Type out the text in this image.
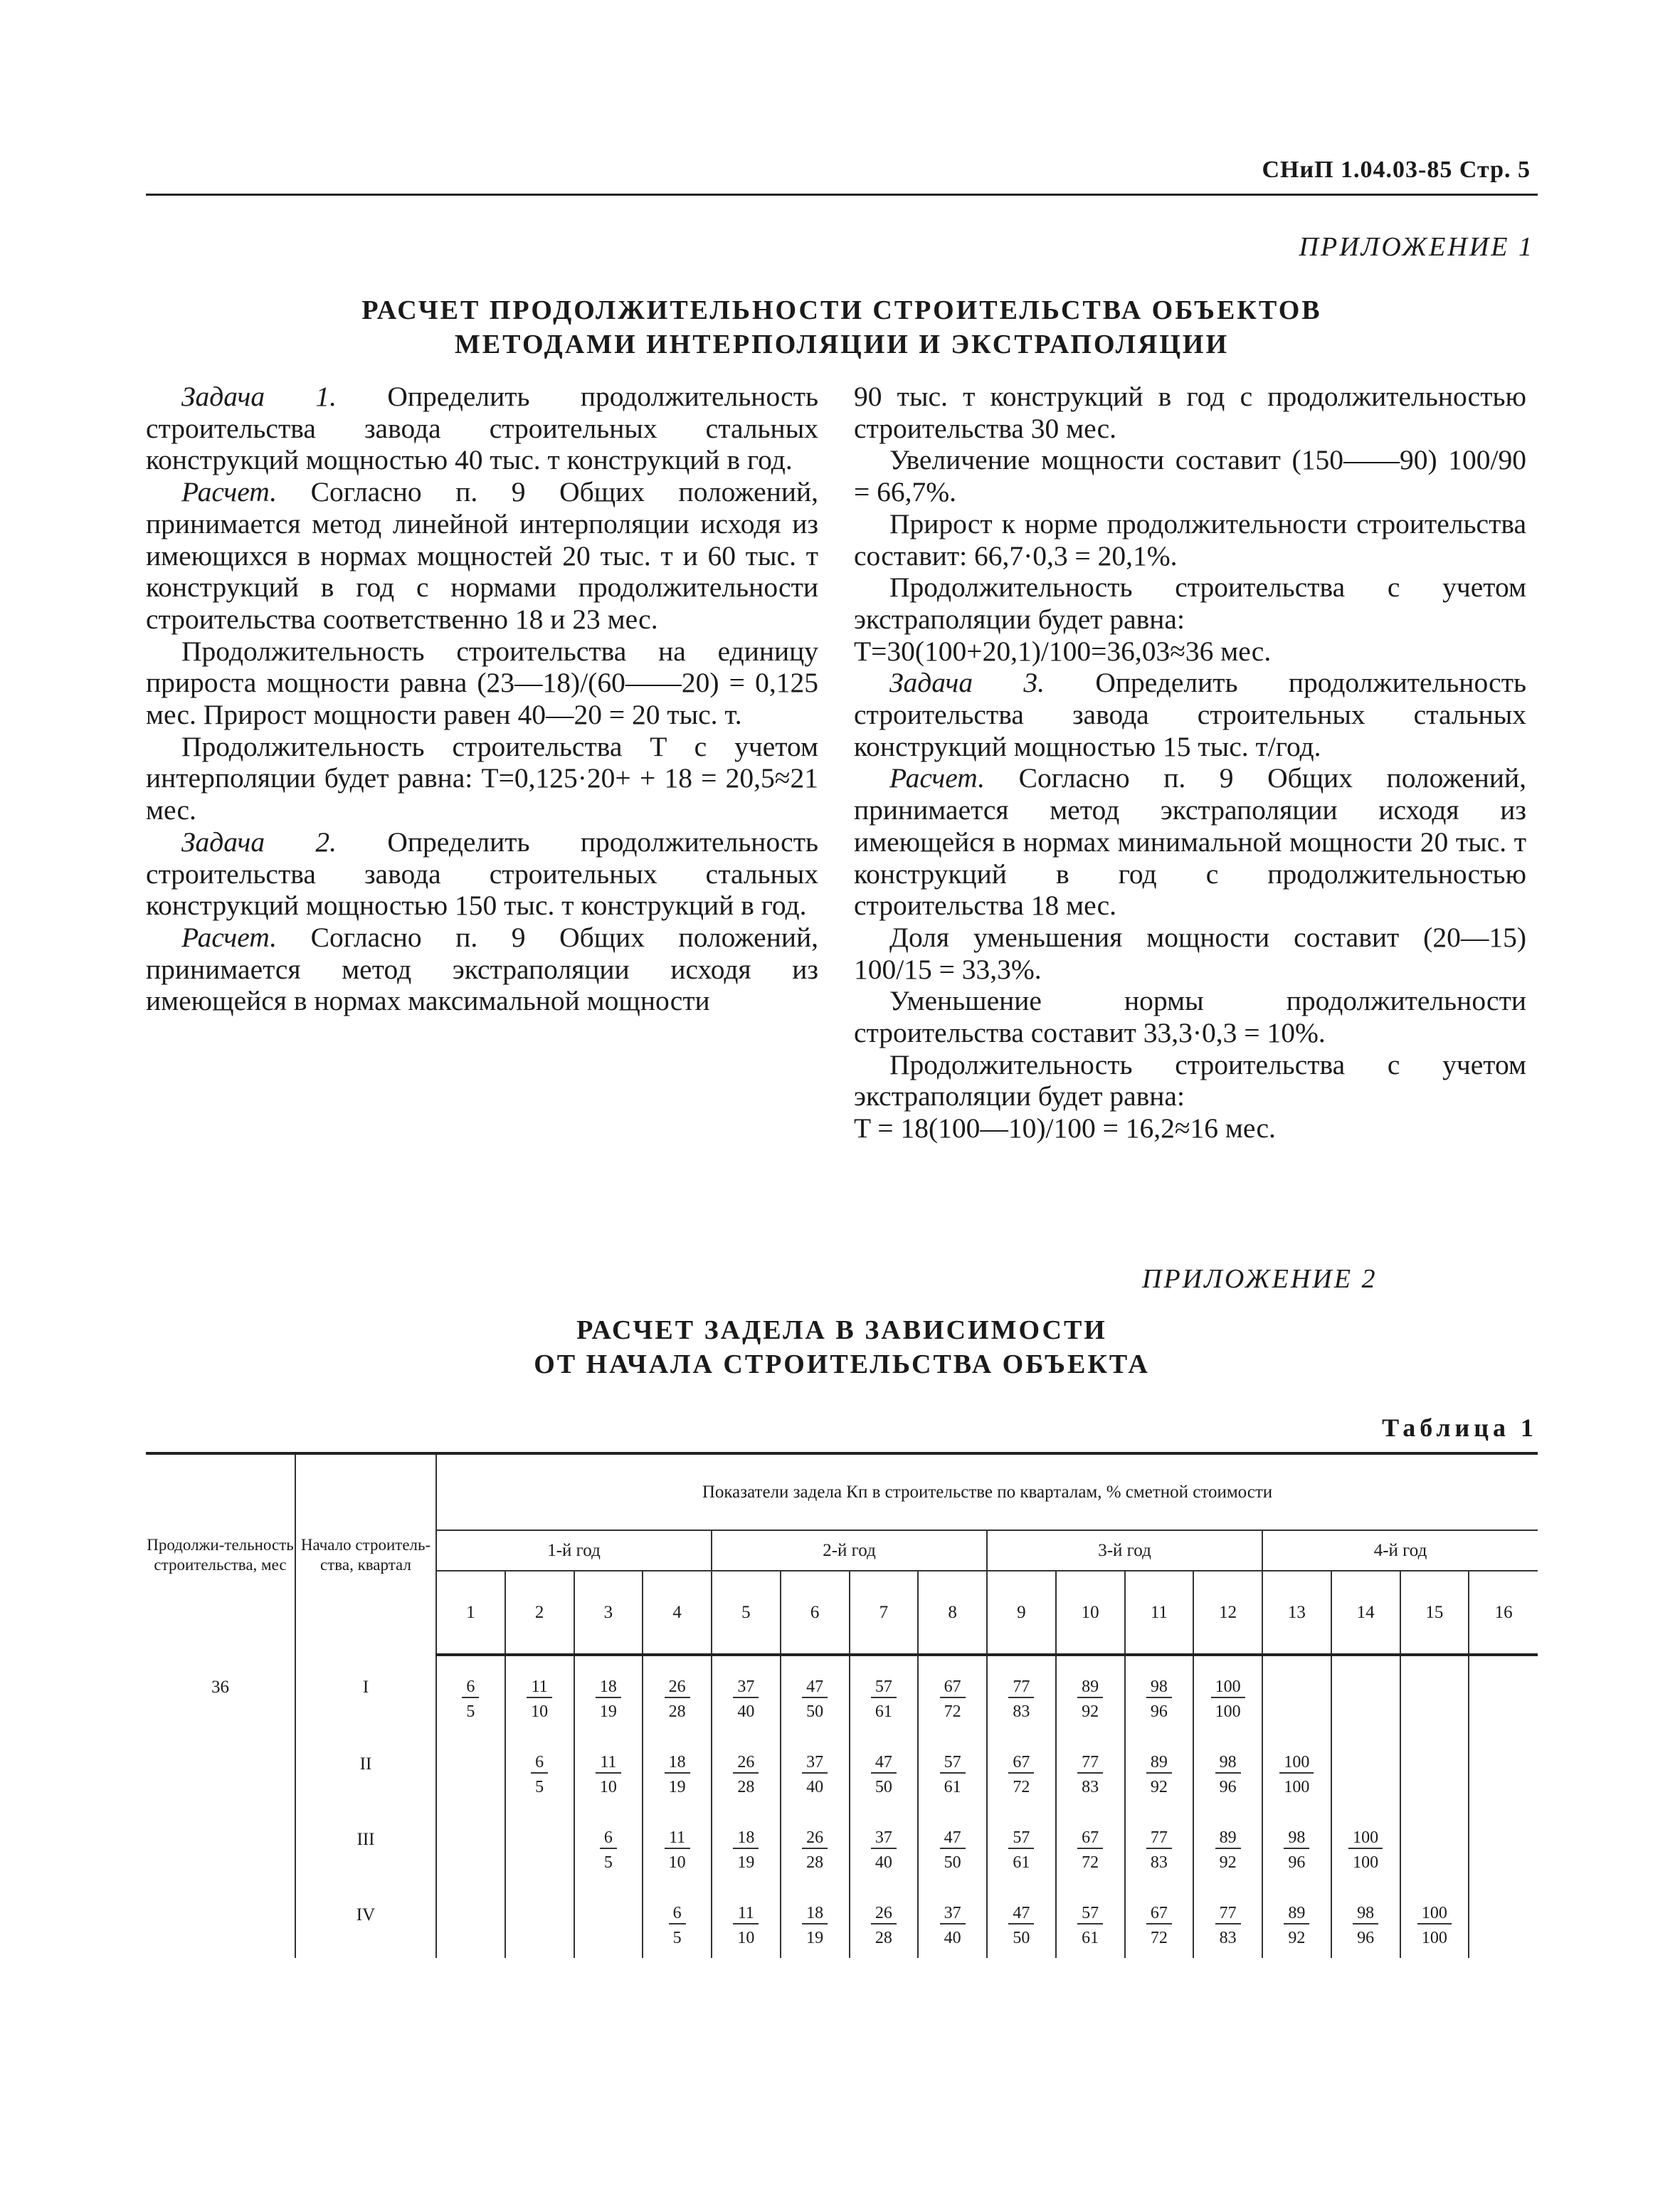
СНиП 1.04.03-85 Стр. 5
ПРИЛОЖЕНИЕ 1
РАСЧЕТ ПРОДОЛЖИТЕЛЬНОСТИ СТРОИТЕЛЬСТВА ОБЪЕКТОВ
МЕТОДАМИ ИНТЕРПОЛЯЦИИ И ЭКСТРАПОЛЯЦИИ

Задача 1. Определить продолжительность строительства завода строительных стальных конструкций мощностью 40 тыс. т конструкций в год.

Расчет. Согласно п. 9 Общих положений, принимается метод линейной интерполяции исходя из имеющихся в нормах мощностей 20 тыс. т и 60 тыс. т конструкций в год с нормами продолжительности строительства соответственно 18 и 23 мес.

Продолжительность строительства на единицу прироста мощности равна (23—18)/(60——20) = 0,125 мес. Прирост мощности равен 40—20 = 20 тыс. т.

Продолжительность строительства T с учетом интерполяции будет равна: T=0,125·20+ + 18 = 20,5≈21 мес.

Задача 2. Определить продолжительность строительства завода строительных стальных конструкций мощностью 150 тыс. т конструкций в год.

Расчет. Согласно п. 9 Общих положений, принимается метод экстраполяции исходя из имеющейся в нормах максимальной мощности

90 тыс. т конструкций в год с продолжительностью строительства 30 мес.

Увеличение мощности составит (150——90) 100/90 = 66,7%.

Прирост к норме продолжительности строительства составит: 66,7·0,3 = 20,1%.

Продолжительность строительства с учетом экстраполяции будет равна:

T=30(100+20,1)/100=36,03≈36 мес.

Задача 3. Определить продолжительность строительства завода строительных стальных конструкций мощностью 15 тыс. т/год.

Расчет. Согласно п. 9 Общих положений, принимается метод экстраполяции исходя из имеющейся в нормах минимальной мощности 20 тыс. т конструкций в год с продолжительностью строительства 18 мес.

Доля уменьшения мощности составит (20—15) 100/15 = 33,3%.

Уменьшение нормы продолжительности строительства составит 33,3·0,3 = 10%.

Продолжительность строительства с учетом экстраполяции будет равна:

T = 18(100—10)/100 = 16,2≈16 мес.

ПРИЛОЖЕНИЕ 2
РАСЧЕТ ЗАДЕЛА В ЗАВИСИМОСТИ
ОТ НАЧАЛА СТРОИТЕЛЬСТВА ОБЪЕКТА
Таблица 1
Продолжи-тельность строительства, мес	Начало строитель-ства, квартал	Показатели задела Кп в строительстве по кварталам, % сметной стоимости															
		1-й год				2-й год				3-й год				4-й год			
		1	2	3	4	5	6	7	8	9	10	11	12	13	14	15	16

36	I	$\frac{6}{5}$	$\frac{11}{10}$	$\frac{18}{19}$	$\frac{26}{28}$	$\frac{37}{40}$	$\frac{47}{50}$	$\frac{57}{61}$	$\frac{67}{72}$	$\frac{77}{83}$	$\frac{89}{92}$	$\frac{98}{96}$	$\frac{100}{100}$

	II		$\frac{6}{5}$	$\frac{11}{10}$	$\frac{18}{19}$	$\frac{26}{28}$	$\frac{37}{40}$	$\frac{47}{50}$	$\frac{57}{61}$	$\frac{67}{72}$	$\frac{77}{83}$	$\frac{89}{92}$	$\frac{98}{96}$	$\frac{100}{100}$

	III			$\frac{6}{5}$	$\frac{11}{10}$	$\frac{18}{19}$	$\frac{26}{28}$	$\frac{37}{40}$	$\frac{47}{50}$	$\frac{57}{61}$	$\frac{67}{72}$	$\frac{77}{83}$	$\frac{89}{92}$	$\frac{98}{96}$	$\frac{100}{100}$

	IV				$\frac{6}{5}$	$\frac{11}{10}$	$\frac{18}{19}$	$\frac{26}{28}$	$\frac{37}{40}$	$\frac{47}{50}$	$\frac{57}{61}$	$\frac{67}{72}$	$\frac{77}{83}$	$\frac{89}{92}$	$\frac{98}{96}$	$\frac{100}{100}$
